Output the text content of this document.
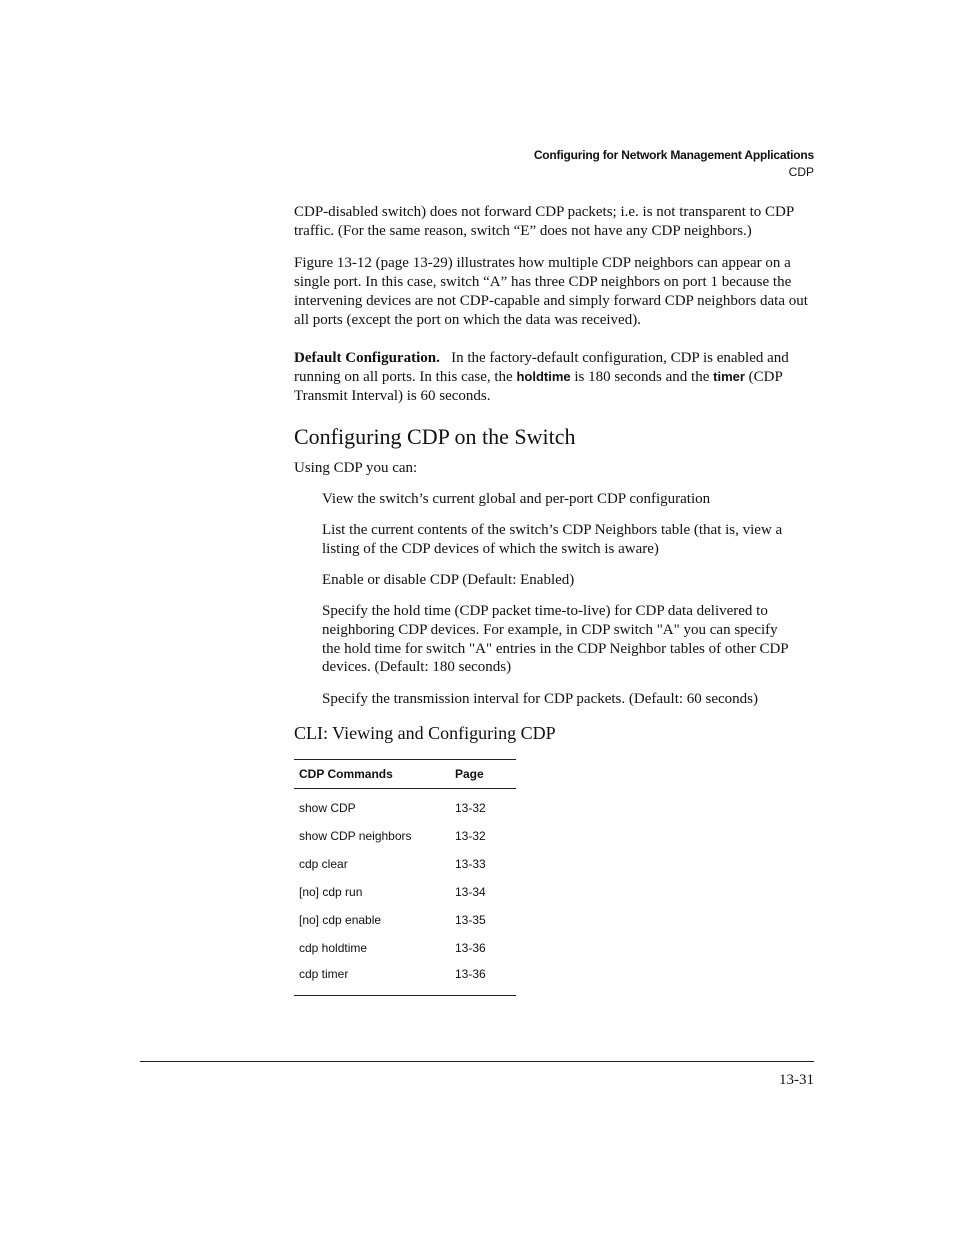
Configuring for Network Management Applications
CDP

CDP-disabled switch) does not forward CDP packets; i.e. is not transparent to CDP traffic. (For the same reason, switch “E” does not have any CDP neighbors.)

Figure 13-12 (page 13-29) illustrates how multiple CDP neighbors can appear on a single port. In this case, switch “A” has three CDP neighbors on port 1 because the intervening devices are not CDP-capable and simply forward CDP neighbors data out all ports (except the port on which the data was received).

Default Configuration. In the factory-default configuration, CDP is enabled and running on all ports. In this case, the holdtime is 180 seconds and the timer (CDP Transmit Interval) is 60 seconds.

Configuring CDP on the Switch

Using CDP you can:

View the switch’s current global and per-port CDP configuration
List the current contents of the switch’s CDP Neighbors table (that is, view a listing of the CDP devices of which the switch is aware)
Enable or disable CDP (Default: Enabled)
Specify the hold time (CDP packet time-to-live) for CDP data delivered to neighboring CDP devices. For example, in CDP switch "A" you can specify the hold time for switch "A" entries in the CDP Neighbor tables of other CDP devices. (Default: 180 seconds)
Specify the transmission interval for CDP packets. (Default: 60 seconds)
CLI: Viewing and Configuring CDP
CDP Commands	Page

show CDP	13-32
show CDP neighbors	13-32
cdp clear	13-33
[no] cdp run	13-34
[no] cdp enable	13-35
cdp holdtime	13-36
cdp timer	13-36
13-31
